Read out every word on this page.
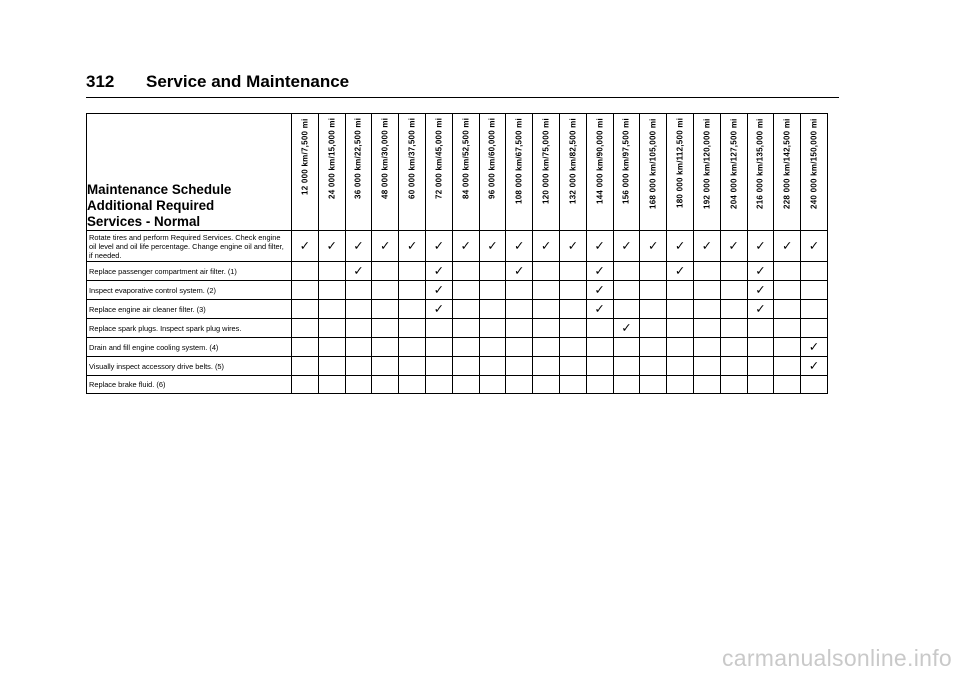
312	Service and Maintenance
Maintenance Schedule
Additional Required
Services - Normal	12 000 km/7,500 mi	24 000 km/15,000 mi	36 000 km/22,500 mi	48 000 km/30,000 mi	60 000 km/37,500 mi	72 000 km/45,000 mi	84 000 km/52,500 mi	96 000 km/60,000 mi	108 000 km/67,500 mi	120 000 km/75,000 mi	132 000 km/82,500 mi	144 000 km/90,000 mi	156 000 km/97,500 mi	168 000 km/105,000 mi	180 000 km/112,500 mi	192 000 km/120,000 mi	204 000 km/127,500 mi	216 000 km/135,000 mi	228 000 km/142,500 mi	240 000 km/150,000 mi

Rotate tires and perform Required Services. Check engine oil level and oil life percentage. Change engine oil and filter, if needed.	✓	✓	✓	✓	✓	✓	✓	✓	✓	✓	✓	✓	✓	✓	✓	✓	✓	✓	✓	✓
Replace passenger compartment air filter. (1)			✓			✓			✓			✓			✓			✓		
Inspect evaporative control system. (2)						✓						✓						✓		
Replace engine air cleaner filter. (3)						✓						✓						✓		
Replace spark plugs. Inspect spark plug wires.													✓							
Drain and fill engine cooling system. (4)																				✓
Visually inspect accessory drive belts. (5)																				✓
Replace brake fluid. (6)																				
carmanualsonline.info
